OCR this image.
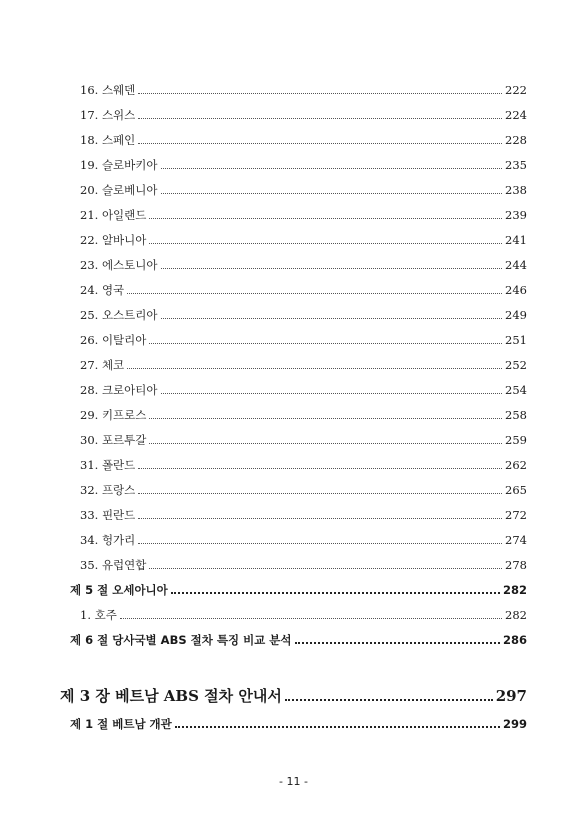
16. 스웨덴	222
17. 스위스	224
18. 스페인	228
19. 슬로바키아	235
20. 슬로베니아	238
21. 아일랜드	239
22. 알바니아	241
23. 에스토니아	244
24. 영국	246
25. 오스트리아	249
26. 이탈리아	251
27. 체코	252
28. 크로아티아	254
29. 키프로스	258
30. 포르투갈	259
31. 폴란드	262
32. 프랑스	265
33. 핀란드	272
34. 헝가리	274
35. 유럽연합	278
제 5 절 오세아니아	282
1. 호주	282
제 6 절 당사국별 ABS 절차 특징 비교 분석	286
제 3 장 베트남 ABS 절차 안내서	297
제 1 절 베트남 개관	299
- 11 -
